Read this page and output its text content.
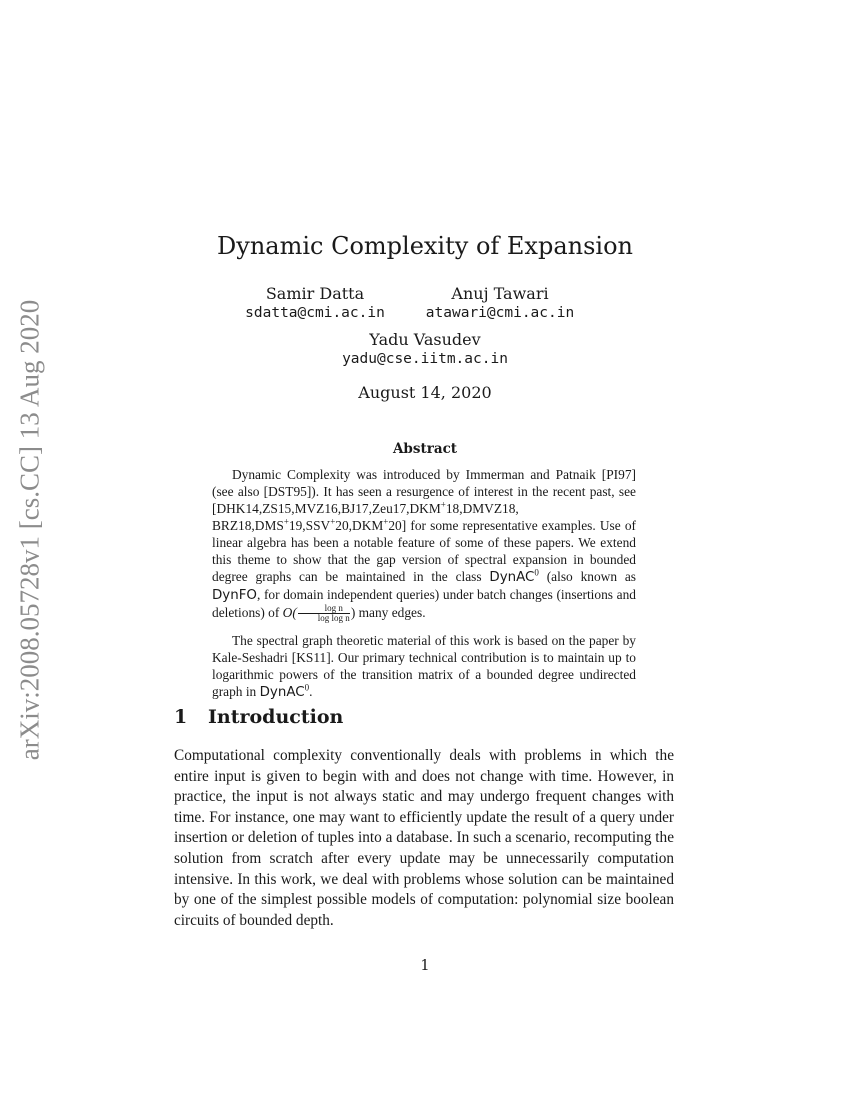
arXiv:2008.05728v1 [cs.CC] 13 Aug 2020
Dynamic Complexity of Expansion
Samir Datta
sdatta@cmi.ac.in
Anuj Tawari
atawari@cmi.ac.in
Yadu Vasudev
yadu@cse.iitm.ac.in
August 14, 2020
Abstract
Dynamic Complexity was introduced by Immerman and Patnaik [PI97] (see also [DST95]). It has seen a resurgence of interest in the recent past, see [DHK14,ZS15,MVZ16,BJ17,Zeu17,DKM+18,DMVZ18, BRZ18,DMS+19,SSV+20,DKM+20] for some representative examples. Use of linear algebra has been a notable feature of some of these papers. We extend this theme to show that the gap version of spectral expansion in bounded degree graphs can be maintained in the class DynAC$^0$ (also known as DynFO, for domain independent queries) under batch changes (insertions and deletions) of $O( \frac{\text{log n}}{\text{log log n}}$ ) many edges.
The spectral graph theoretic material of this work is based on the paper by Kale-Seshadri [KS11]. Our primary technical contribution is to maintain up to logarithmic powers of the transition matrix of a bounded degree undirected graph in DynAC$^0$.
1 Introduction
Computational complexity conventionally deals with problems in which the entire input is given to begin with and does not change with time. However, in practice, the input is not always static and may undergo frequent changes with time. For instance, one may want to efficiently update the result of a query under insertion or deletion of tuples into a database. In such a scenario, recomputing the solution from scratch after every update may be unnecessarily computation intensive. In this work, we deal with problems whose solution can be maintained by one of the simplest possible models of computation: polynomial size boolean circuits of bounded depth.
1
